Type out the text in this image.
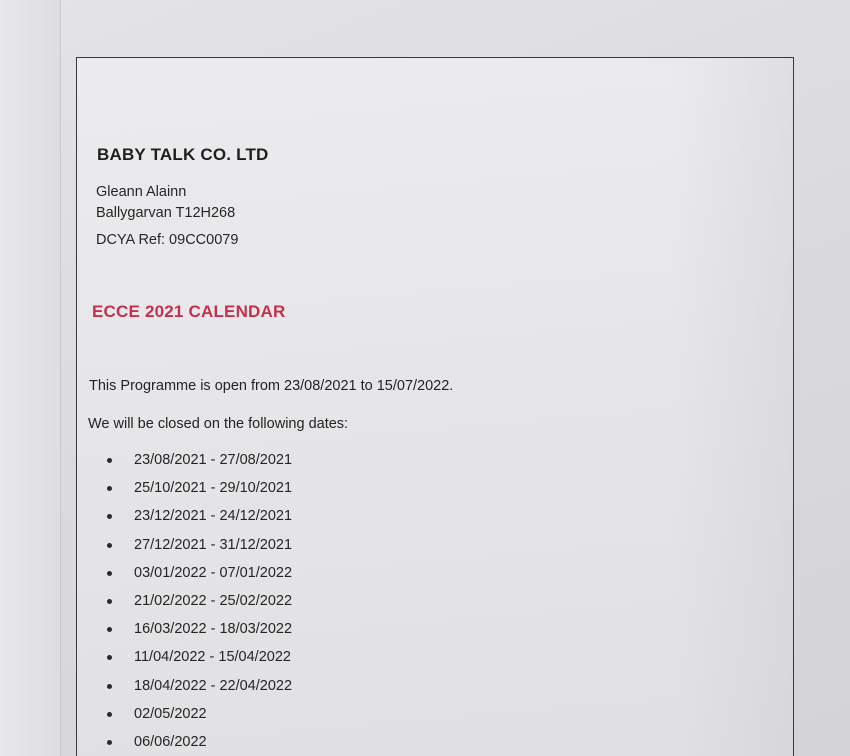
BABY TALK CO. LTD
Gleann Alainn
Ballygarvan T12H268
DCYA Ref: 09CC0079
ECCE 2021 CALENDAR
This Programme is open from 23/08/2021 to 15/07/2022.
We will be closed on the following dates:
23/08/2021 - 27/08/2021
25/10/2021 - 29/10/2021
23/12/2021 - 24/12/2021
27/12/2021 - 31/12/2021
03/01/2022 - 07/01/2022
21/02/2022 - 25/02/2022
16/03/2022 - 18/03/2022
11/04/2022 - 15/04/2022
18/04/2022 - 22/04/2022
02/05/2022
06/06/2022
